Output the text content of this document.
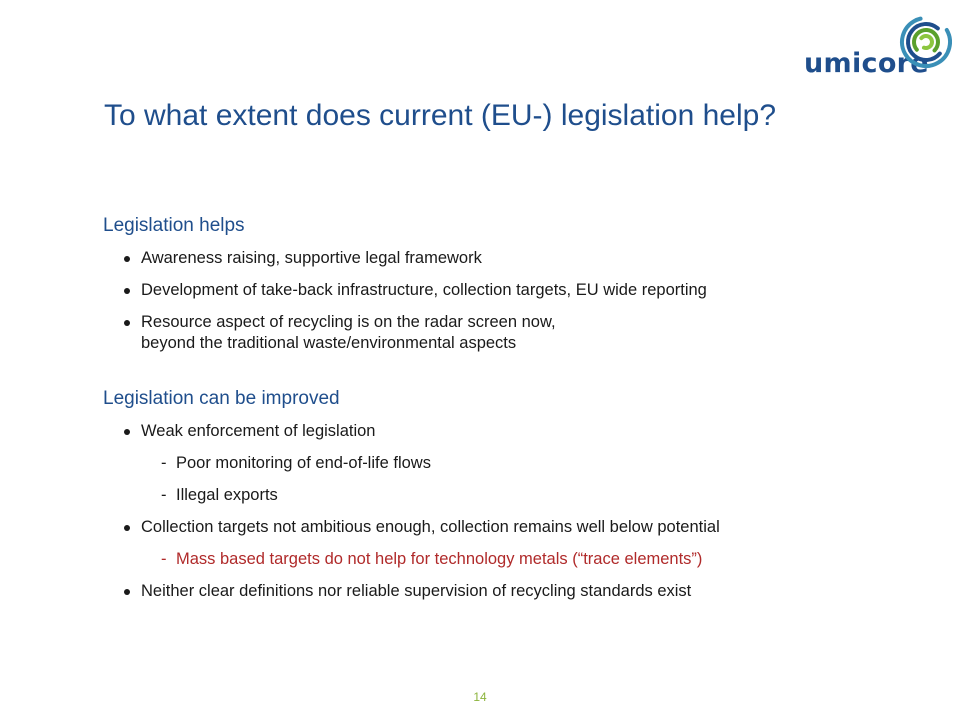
umicore
To what extent does current (EU-) legislation help?
Legislation helps
Awareness raising, supportive legal framework
Development of take-back infrastructure, collection targets, EU wide reporting
Resource aspect of recycling is on the radar screen now,
beyond the traditional waste/environmental aspects
Legislation can be improved
Weak enforcement of legislation
- Poor monitoring of end-of-life flows
- Illegal exports
Collection targets not ambitious enough, collection remains well below potential
- Mass based targets do not help for technology metals (“trace elements”)
Neither clear definitions nor reliable supervision of recycling standards exist
14
